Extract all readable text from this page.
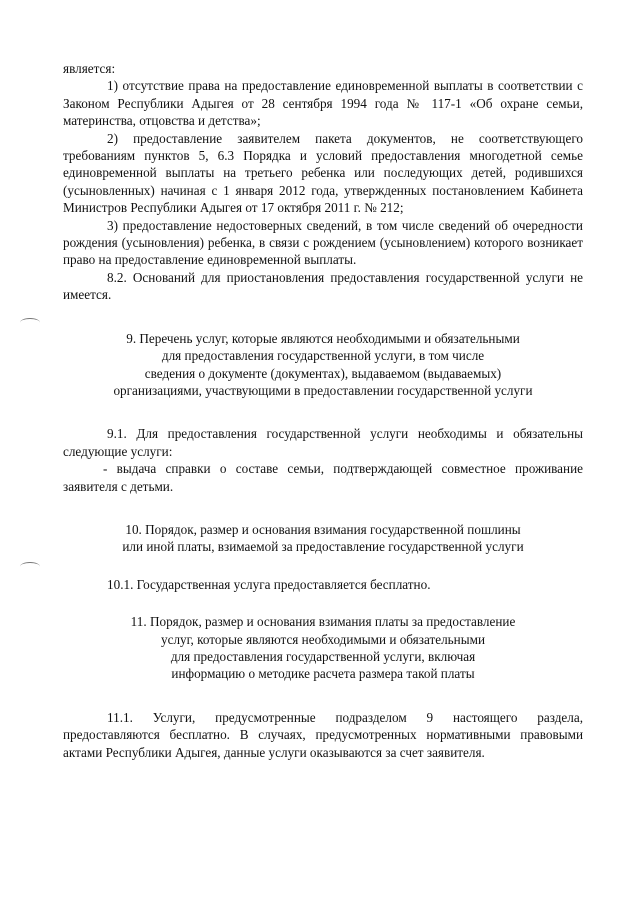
является:

1) отсутствие права на предоставление единовременной выплаты в соответствии с Законом Республики Адыгея от 28 сентября 1994 года № 117-1 «Об охране семьи, материнства, отцовства и детства»;

2) предоставление заявителем пакета документов, не соответствующего требованиям пунктов 5, 6.3 Порядка и условий предоставления многодетной семье единовременной выплаты на третьего ребенка или последующих детей, родившихся (усыновленных) начиная с 1 января 2012 года, утвержденных постановлением Кабинета Министров Республики Адыгея от 17 октября 2011 г. № 212;

3) предоставление недостоверных сведений, в том числе сведений об очередности рождения (усыновления) ребенка, в связи с рождением (усыновлением) которого возникает право на предоставление единовременной выплаты.

8.2. Оснований для приостановления предоставления государственной услуги не имеется.

9. Перечень услуг, которые являются необходимыми и обязательными
для предоставления государственной услуги, в том числе
сведения о документе (документах), выдаваемом (выдаваемых)
организациями, участвующими в предоставлении государственной услуги

9.1. Для предоставления государственной услуги необходимы и обязательны следующие услуги:

- выдача справки о составе семьи, подтверждающей совместное проживание заявителя с детьми.

10. Порядок, размер и основания взимания государственной пошлины
или иной платы, взимаемой за предоставление государственной услуги

10.1. Государственная услуга предоставляется бесплатно.

11. Порядок, размер и основания взимания платы за предоставление
услуг, которые являются необходимыми и обязательными
для предоставления государственной услуги, включая
информацию о методике расчета размера такой платы

11.1. Услуги, предусмотренные подразделом 9 настоящего раздела, предоставляются бесплатно. В случаях, предусмотренных нормативными правовыми актами Республики Адыгея, данные услуги оказываются за счет заявителя.
